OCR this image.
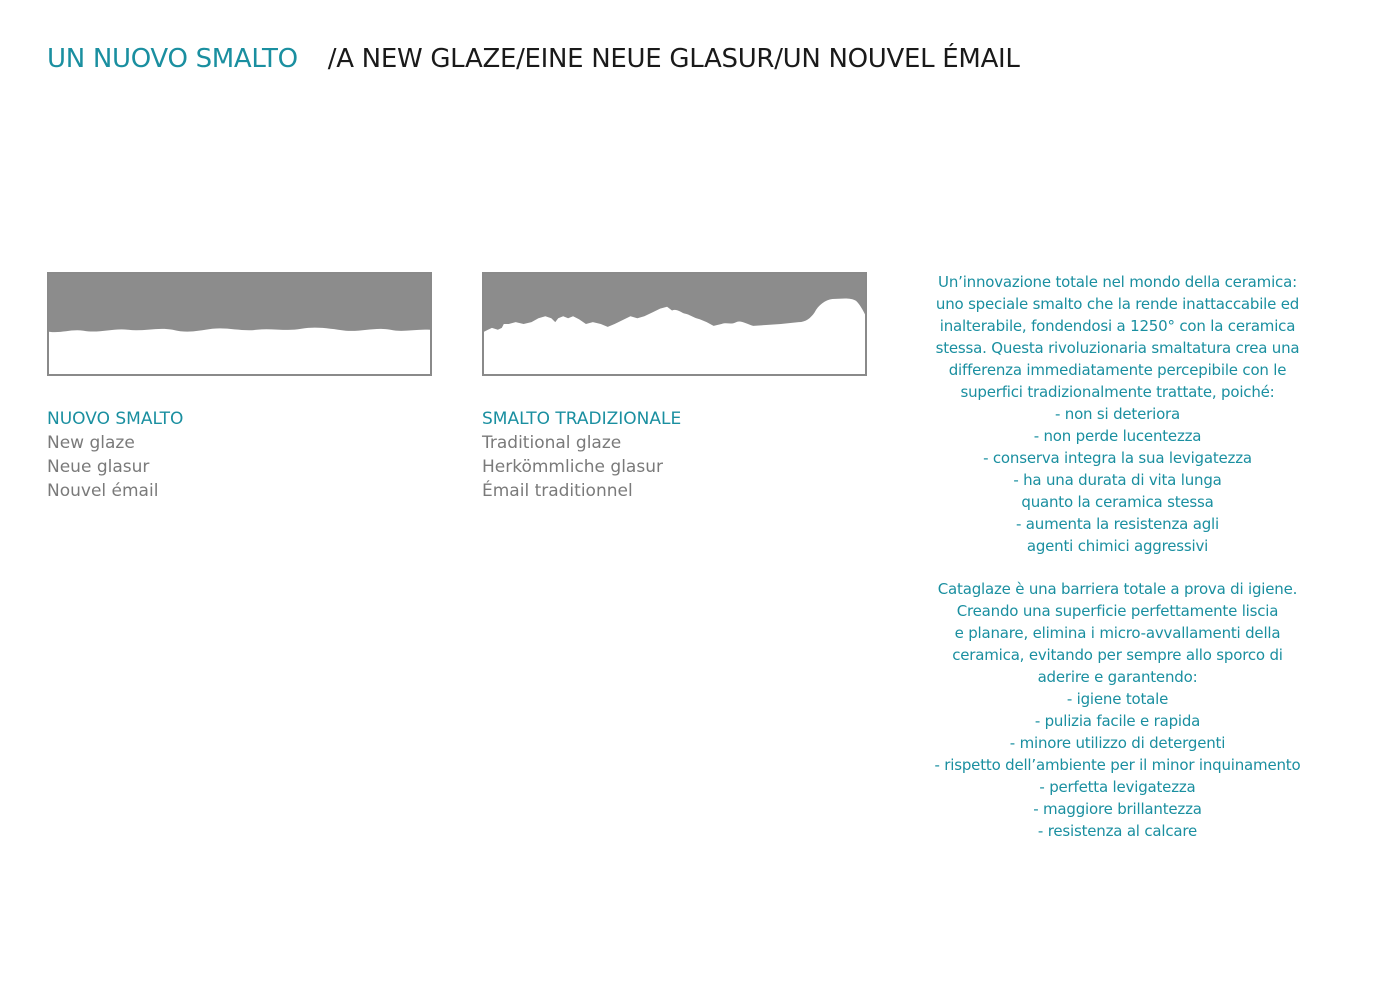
UN NUOVO SMALTO /A NEW GLAZE/EINE NEUE GLASUR/UN NOUVEL ÉMAIL
NUOVO SMALTO
New glaze
Neue glasur
Nouvel émail
SMALTO TRADIZIONALE
Traditional glaze
Herkömmliche glasur
Émail traditionnel
Un’innovazione totale nel mondo della ceramica:
uno speciale smalto che la rende inattaccabile ed
inalterabile, fondendosi a 1250° con la ceramica
stessa. Questa rivoluzionaria smaltatura crea una
differenza immediatamente percepibile con le
superfici tradizionalmente trattate, poiché:
- non si deteriora
- non perde lucentezza
- conserva integra la sua levigatezza
- ha una durata di vita lunga
quanto la ceramica stessa
- aumenta la resistenza agli
agenti chimici aggressivi
Cataglaze è una barriera totale a prova di igiene.
Creando una superficie perfettamente liscia
e planare, elimina i micro-avvallamenti della
ceramica, evitando per sempre allo sporco di
aderire e garantendo:
- igiene totale
- pulizia facile e rapida
- minore utilizzo di detergenti
- rispetto dell’ambiente per il minor inquinamento
- perfetta levigatezza
- maggiore brillantezza
- resistenza al calcare
